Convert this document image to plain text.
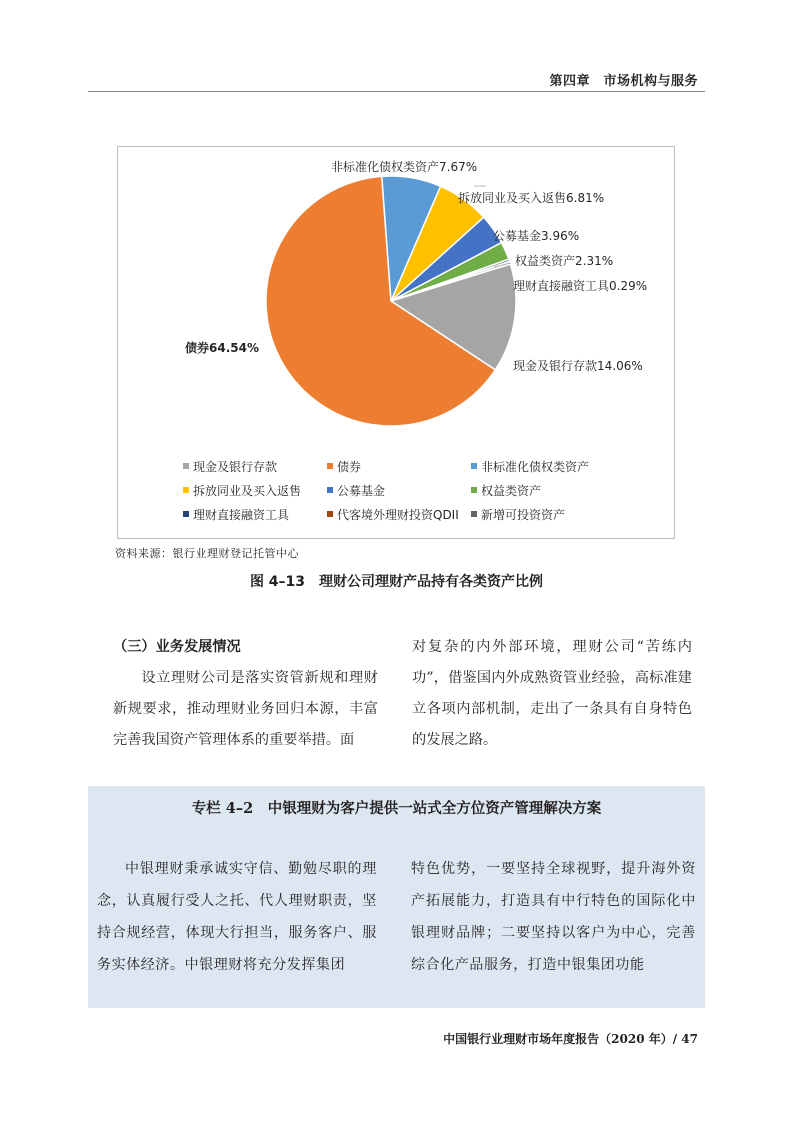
第四章　市场机构与服务
债券64.54%
现金及银行存款14.06%
非标准化债权类资产7.67%
拆放同业及买入返售6.81%
公募基金3.96%
权益类资产2.31%
理财直接融资工具0.29%
现金及银行存款	债券	非标准化债权类资产
拆放同业及买入返售	公募基金	权益类资产
理财直接融资工具	代客境外理财投资QDII 新增可投资资产
资料来源：银行业理财登记托管中心
图 4–13　理财公司理财产品持有各类资产比例

（三）业务发展情况

设立理财公司是落实资管新规和理财新规要求，推动理财业务回归本源，丰富完善我国资产管理体系的重要举措。面

对复杂的内外部环境，理财公司“苦练内功”，借鉴国内外成熟资管业经验，高标准建立各项内部机制，走出了一条具有自身特色的发展之路。

专栏 4–2　中银理财为客户提供一站式全方位资产管理解决方案

中银理财秉承诚实守信、勤勉尽职的理念，认真履行受人之托、代人理财职责，坚持合规经营，体现大行担当，服务客户、服务实体经济。中银理财将充分发挥集团

特色优势，一要坚持全球视野，提升海外资产拓展能力，打造具有中行特色的国际化中银理财品牌；二要坚持以客户为中心，完善综合化产品服务，打造中银集团功能

中国银行业理财市场年度报告（2020 年）/ 47
